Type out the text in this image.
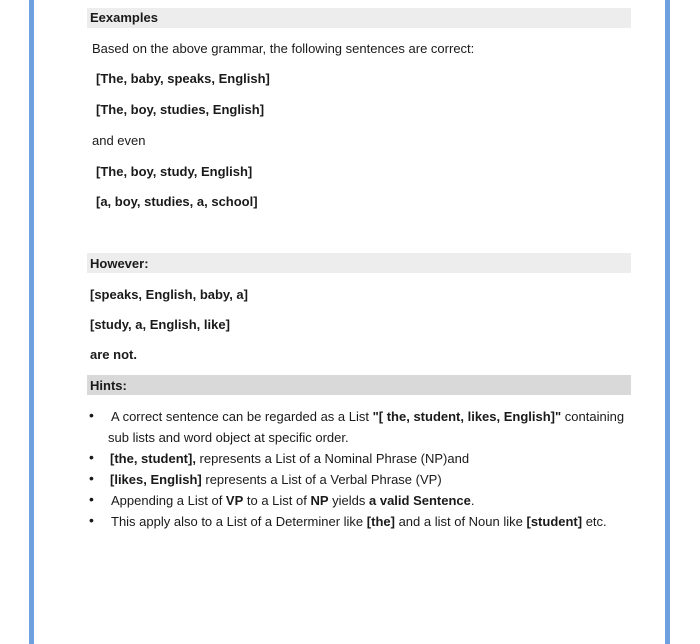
Eexamples
Based on the above grammar, the following sentences are correct:
[The, baby, speaks, English]
[The, boy, studies, English]
and even
[The, boy, study, English]
[a, boy, studies, a, school]
However:
[speaks, English, baby, a]
[study, a, English, like]
are not.
Hints:
• A correct sentence can be regarded as a List "[ the, student, likes, English]" containing
sub lists and word object at specific order.
• [the, student], represents a List of a Nominal Phrase (NP)and
• [likes, English] represents a List of a Verbal Phrase (VP)
• Appending a List of VP to a List of NP yields a valid Sentence.
• This apply also to a List of a Determiner like [the] and a list of Noun like [student] etc.
